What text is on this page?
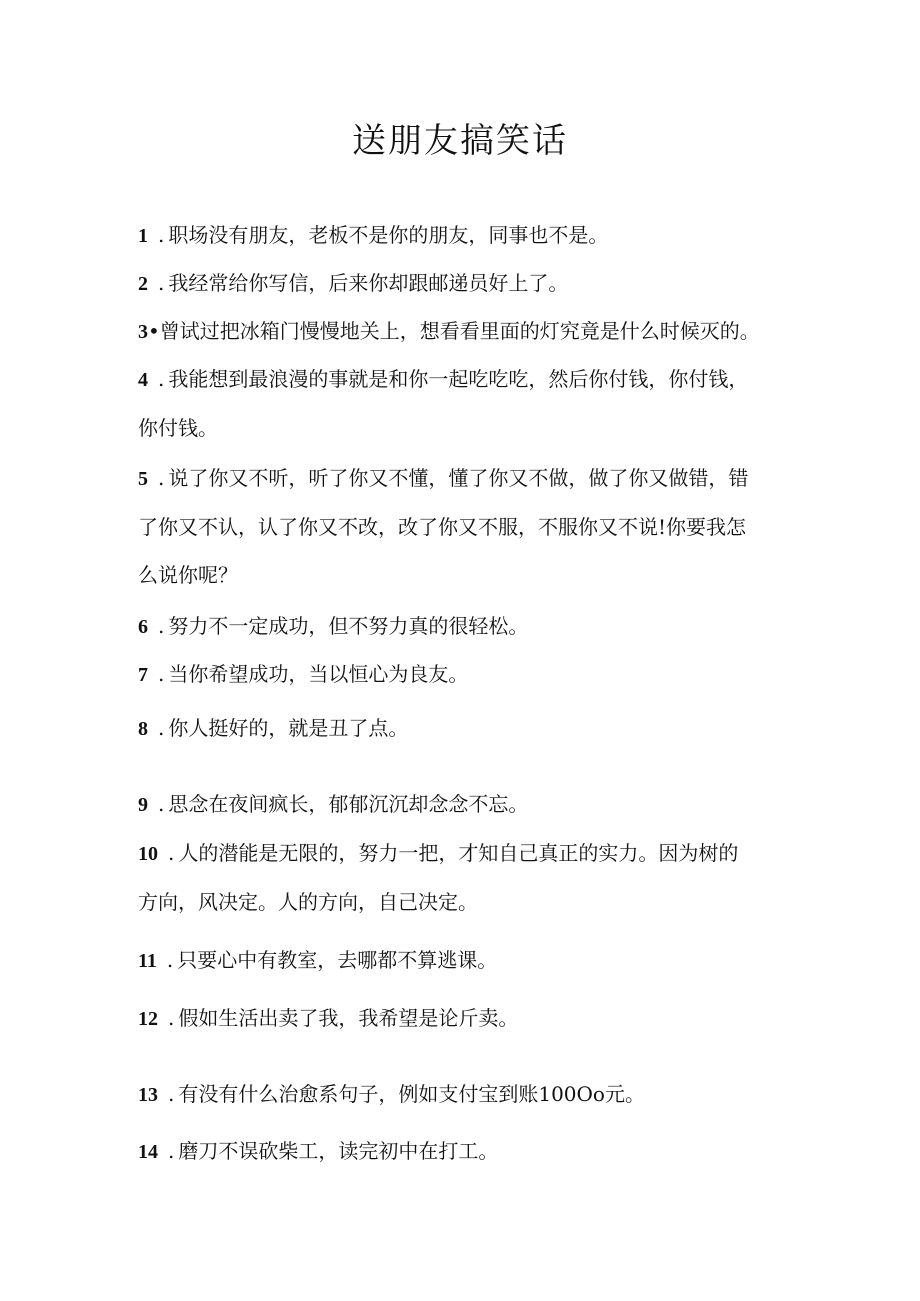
送朋友搞笑话
1 . 职场没有朋友，老板不是你的朋友，同事也不是。
2 . 我经常给你写信，后来你却跟邮递员好上了。
3•曾试过把冰箱门慢慢地关上，想看看里面的灯究竟是什么时候灭的。
4 . 我能想到最浪漫的事就是和你一起吃吃吃，然后你付钱，你付钱，
你付钱。
5 . 说了你又不听，听了你又不懂，懂了你又不做，做了你又做错，错
了你又不认，认了你又不改，改了你又不服，不服你又不说!你要我怎
么说你呢？
6 . 努力不一定成功，但不努力真的很轻松。
7 . 当你希望成功，当以恒心为良友。
8 . 你人挺好的，就是丑了点。
9 . 思念在夜间疯长，郁郁沉沉却念念不忘。
10 . 人的潜能是无限的，努力一把，才知自己真正的实力。因为树的
方向，风决定。人的方向，自己决定。
11 . 只要心中有教室，去哪都不算逃课。
12 . 假如生活出卖了我，我希望是论斤卖。
13 . 有没有什么治愈系句子，例如支付宝到账100Oo元。
14 . 磨刀不误砍柴工，读完初中在打工。
